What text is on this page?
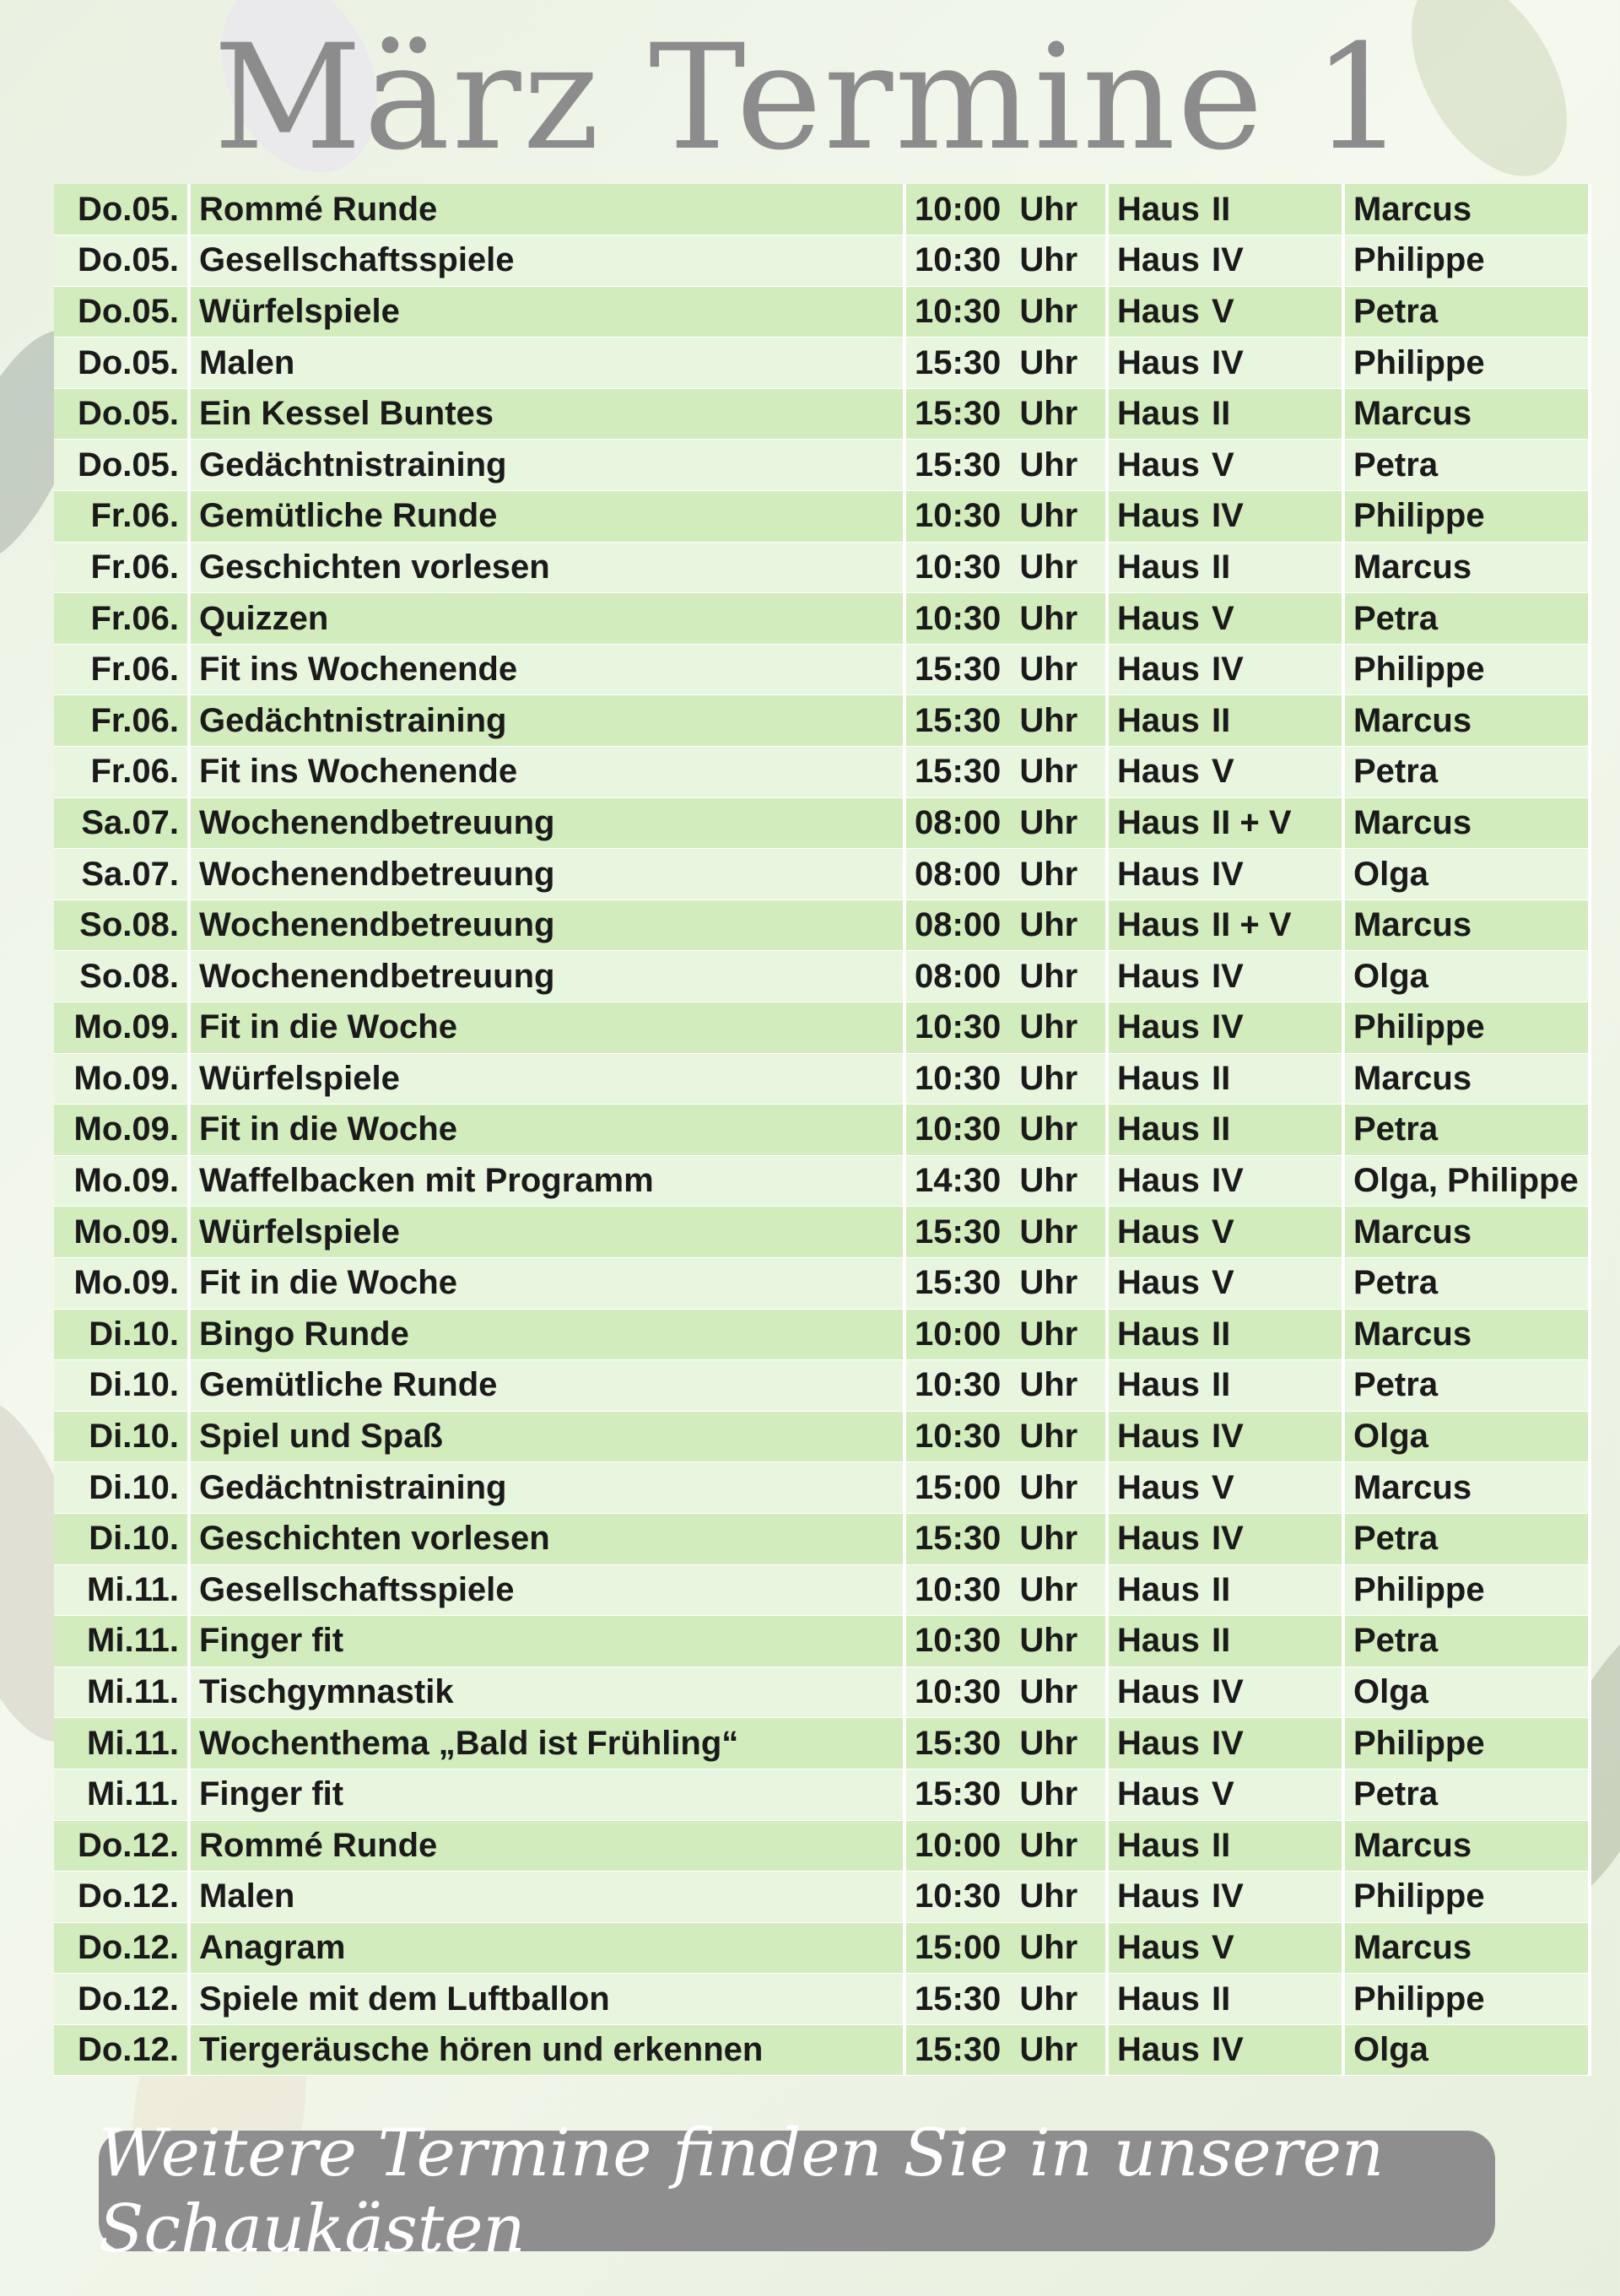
März Termine 1
Do.05.	Rommé Runde	10:00 Uhr	Haus II	Marcus
Do.05.	Gesellschaftsspiele	10:30 Uhr	Haus IV	Philippe
Do.05.	Würfelspiele	10:30 Uhr	Haus V	Petra
Do.05.	Malen	15:30 Uhr	Haus IV	Philippe
Do.05.	Ein Kessel Buntes	15:30 Uhr	Haus II	Marcus
Do.05.	Gedächtnistraining	15:30 Uhr	Haus V	Petra
Fr.06.	Gemütliche Runde	10:30 Uhr	Haus IV	Philippe
Fr.06.	Geschichten vorlesen	10:30 Uhr	Haus II	Marcus
Fr.06.	Quizzen	10:30 Uhr	Haus V	Petra
Fr.06.	Fit ins Wochenende	15:30 Uhr	Haus IV	Philippe
Fr.06.	Gedächtnistraining	15:30 Uhr	Haus II	Marcus
Fr.06.	Fit ins Wochenende	15:30 Uhr	Haus V	Petra
Sa.07.	Wochenendbetreuung	08:00 Uhr	Haus II + V	Marcus
Sa.07.	Wochenendbetreuung	08:00 Uhr	Haus IV	Olga
So.08.	Wochenendbetreuung	08:00 Uhr	Haus II + V	Marcus
So.08.	Wochenendbetreuung	08:00 Uhr	Haus IV	Olga
Mo.09.	Fit in die Woche	10:30 Uhr	Haus IV	Philippe
Mo.09.	Würfelspiele	10:30 Uhr	Haus II	Marcus
Mo.09.	Fit in die Woche	10:30 Uhr	Haus II	Petra
Mo.09.	Waffelbacken mit Programm	14:30 Uhr	Haus IV	Olga, Philippe
Mo.09.	Würfelspiele	15:30 Uhr	Haus V	Marcus
Mo.09.	Fit in die Woche	15:30 Uhr	Haus V	Petra
Di.10.	Bingo Runde	10:00 Uhr	Haus II	Marcus
Di.10.	Gemütliche Runde	10:30 Uhr	Haus II	Petra
Di.10.	Spiel und Spaß	10:30 Uhr	Haus IV	Olga
Di.10.	Gedächtnistraining	15:00 Uhr	Haus V	Marcus
Di.10.	Geschichten vorlesen	15:30 Uhr	Haus IV	Petra
Mi.11.	Gesellschaftsspiele	10:30 Uhr	Haus II	Philippe
Mi.11.	Finger fit	10:30 Uhr	Haus II	Petra
Mi.11.	Tischgymnastik	10:30 Uhr	Haus IV	Olga
Mi.11.	Wochenthema „Bald ist Frühling“	15:30 Uhr	Haus IV	Philippe
Mi.11.	Finger fit	15:30 Uhr	Haus V	Petra
Do.12.	Rommé Runde	10:00 Uhr	Haus II	Marcus
Do.12.	Malen	10:30 Uhr	Haus IV	Philippe
Do.12.	Anagram	15:00 Uhr	Haus V	Marcus
Do.12.	Spiele mit dem Luftballon	15:30 Uhr	Haus II	Philippe
Do.12.	Tiergeräusche hören und erkennen	15:30 Uhr	Haus IV	Olga
Weitere Termine finden Sie in unseren Schaukästen
